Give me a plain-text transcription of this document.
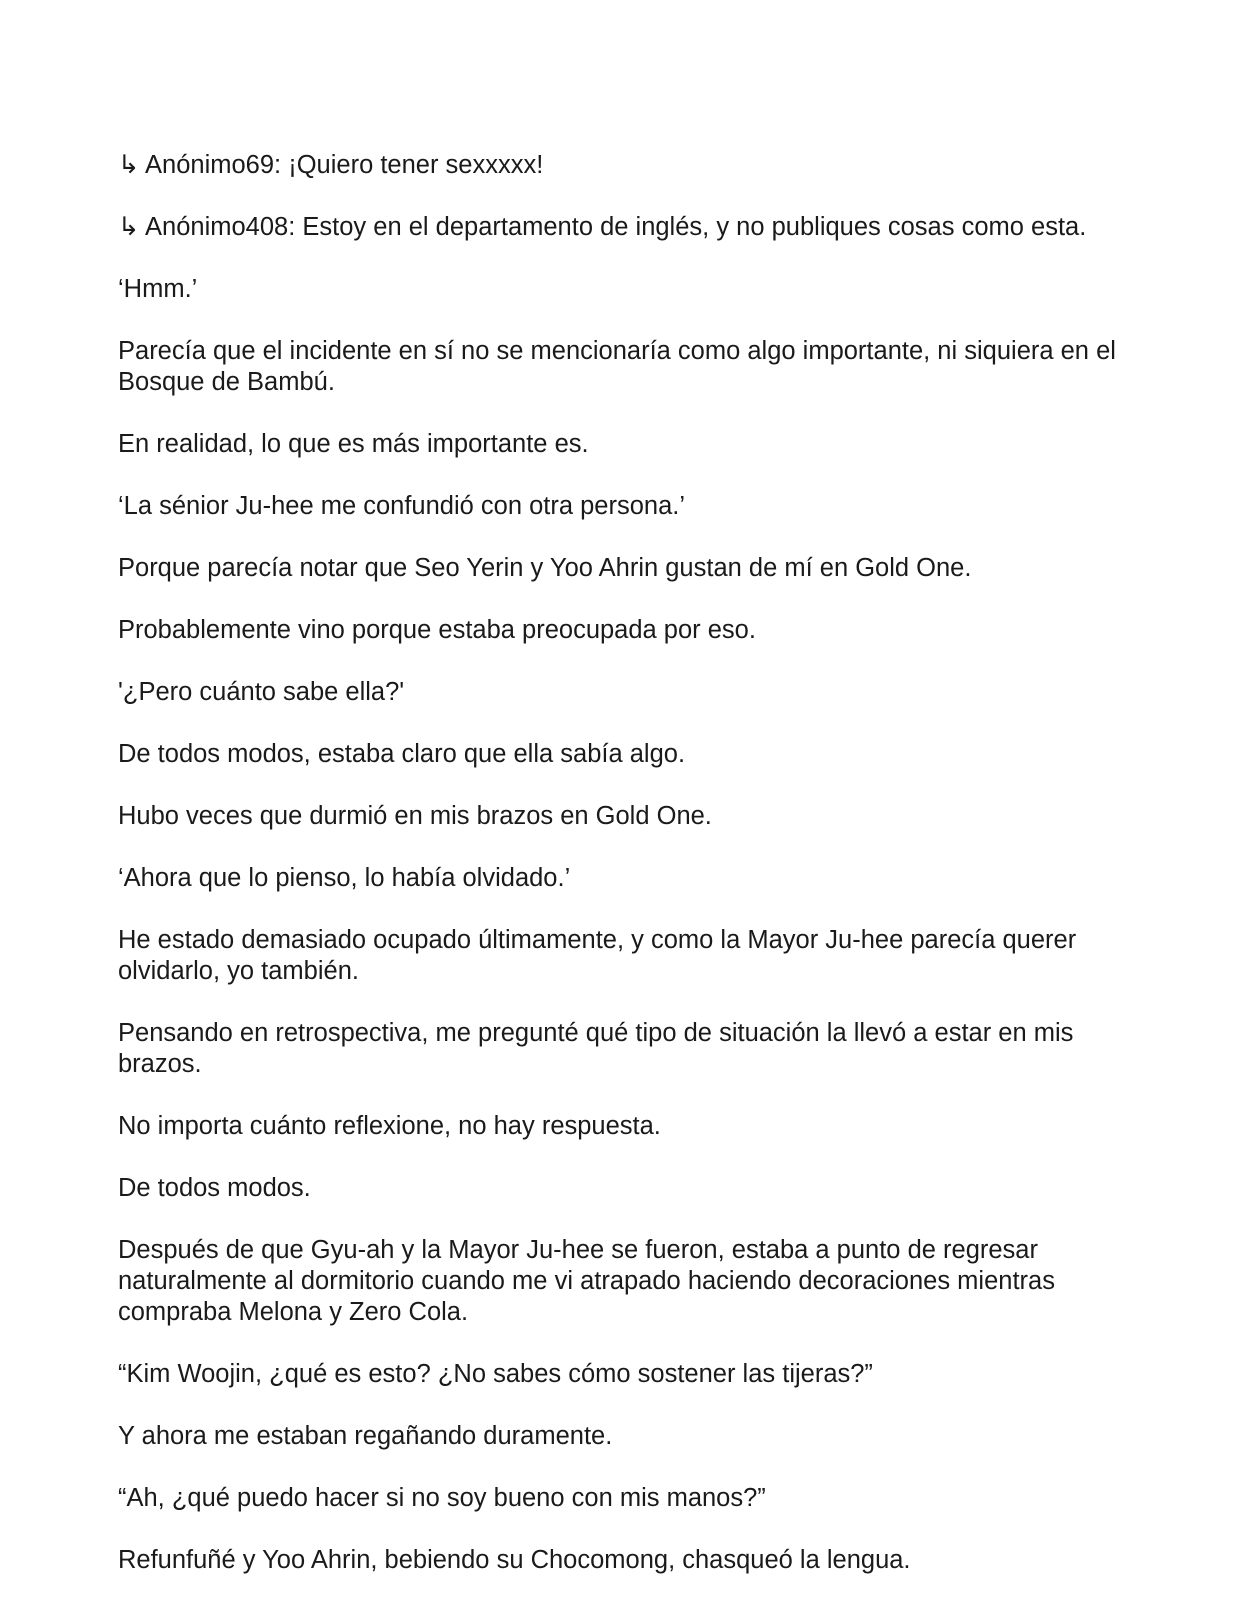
↳ Anónimo69: ¡Quiero tener sexxxxx!

↳ Anónimo408: Estoy en el departamento de inglés, y no publiques cosas como esta.

‘Hmm.’

Parecía que el incidente en sí no se mencionaría como algo importante, ni siquiera en el Bosque de Bambú.

En realidad, lo que es más importante es.

‘La sénior Ju-hee me confundió con otra persona.’

Porque parecía notar que Seo Yerin y Yoo Ahrin gustan de mí en Gold One.

Probablemente vino porque estaba preocupada por eso.

'¿Pero cuánto sabe ella?'

De todos modos, estaba claro que ella sabía algo.

Hubo veces que durmió en mis brazos en Gold One.

‘Ahora que lo pienso, lo había olvidado.’

He estado demasiado ocupado últimamente, y como la Mayor Ju-hee parecía querer olvidarlo, yo también.

Pensando en retrospectiva, me pregunté qué tipo de situación la llevó a estar en mis brazos.

No importa cuánto reflexione, no hay respuesta.

De todos modos.

Después de que Gyu-ah y la Mayor Ju-hee se fueron, estaba a punto de regresar naturalmente al dormitorio cuando me vi atrapado haciendo decoraciones mientras compraba Melona y Zero Cola.

“Kim Woojin, ¿qué es esto? ¿No sabes cómo sostener las tijeras?”

Y ahora me estaban regañando duramente.

“Ah, ¿qué puedo hacer si no soy bueno con mis manos?”

Refunfuñé y Yoo Ahrin, bebiendo su Chocomong, chasqueó la lengua.
